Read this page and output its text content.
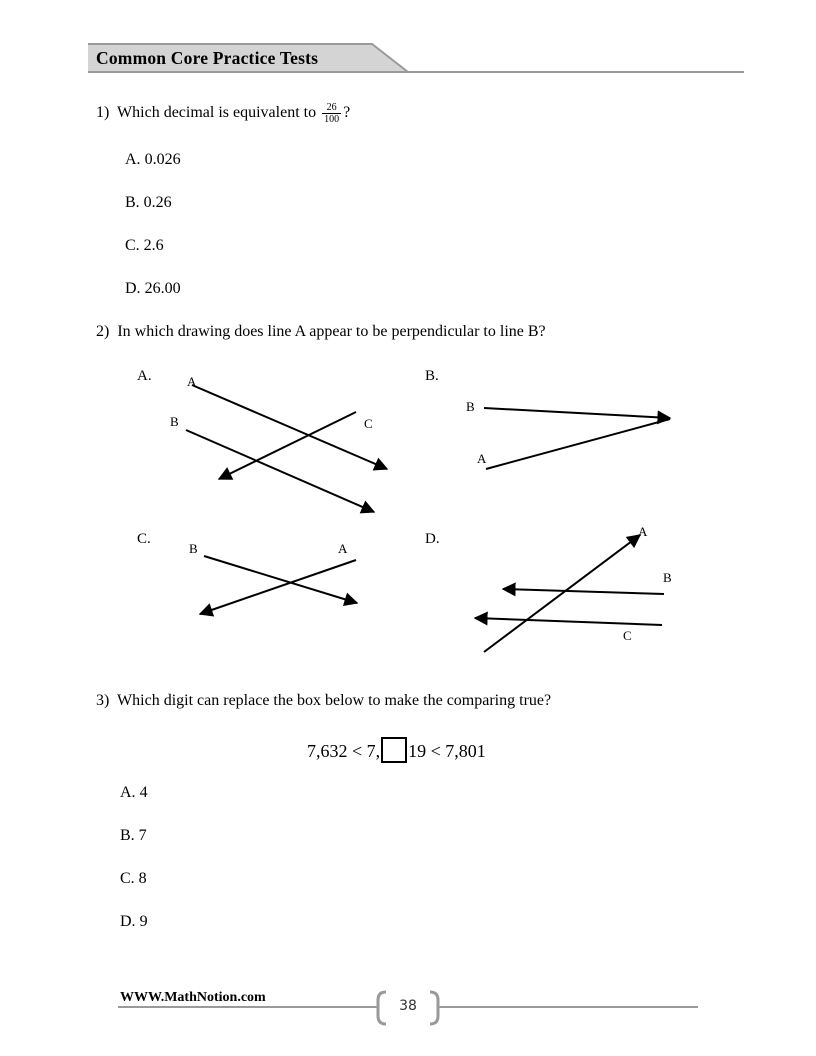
Common Core Practice Tests
1) Which decimal is equivalent to $\frac{26}{100}$ ?
A. 0.026
B. 0.26
C. 2.6
D. 26.00
2) In which drawing does line A appear to be perpendicular to line B?
A.	A
B	C
B.
B
A
C.
B	A
D.	A
B
C
3) Which digit can replace the box below to make the comparing true?
7,632 < 7, 19 < 7,801
A. 4
B. 7
C. 8
D. 9
WWW.MathNotion.com
38
